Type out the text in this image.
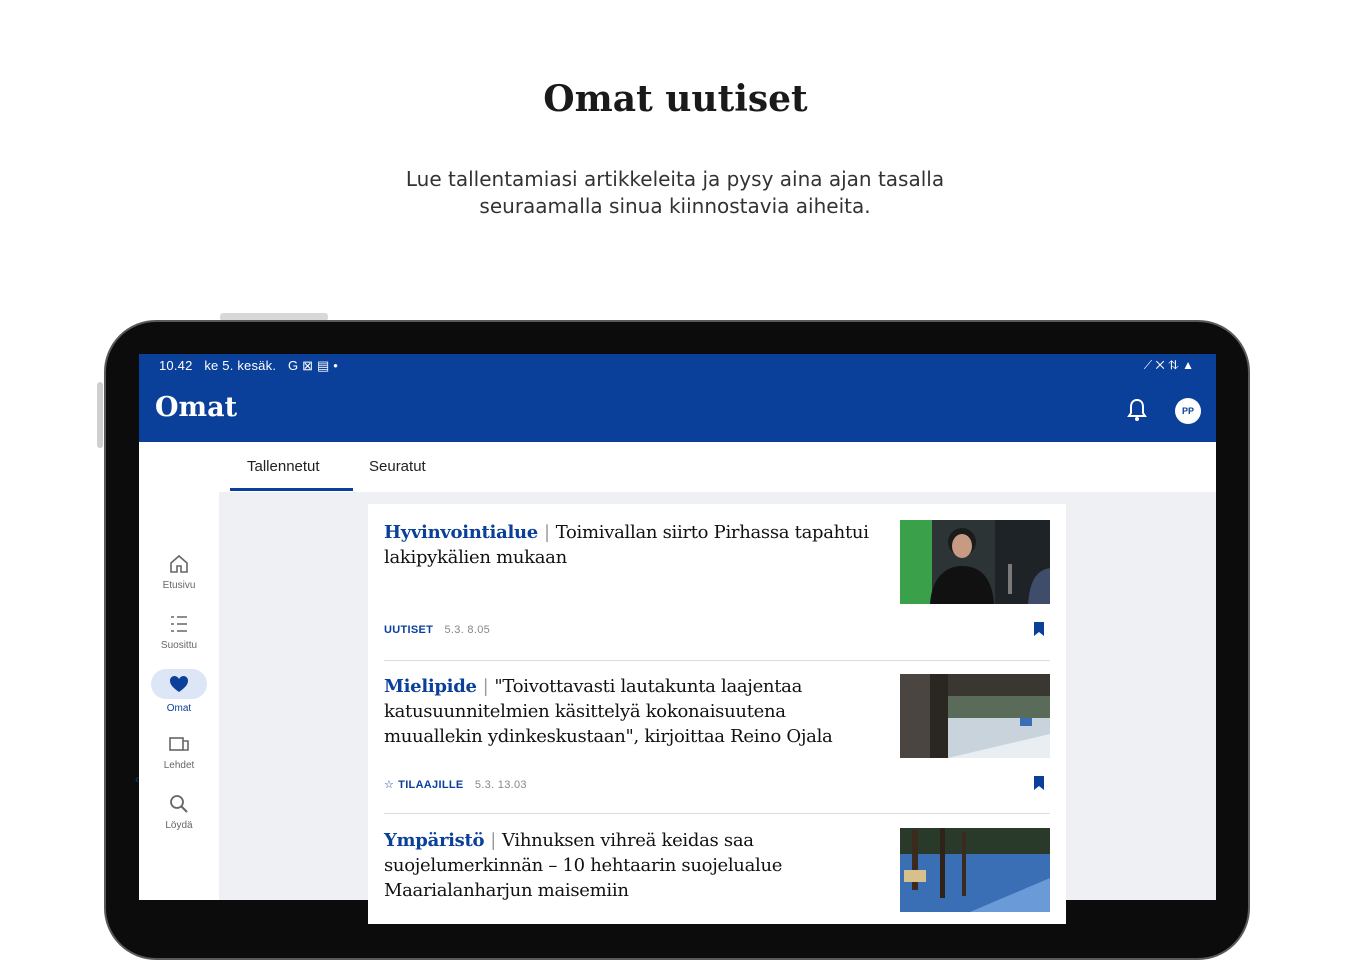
Omat uutiset
Lue tallentamiasi artikkeleita ja pysy aina ajan tasalla
seuraamalla sinua kiinnostavia aiheita.
10.42 ke 5. kesäk. G ⊠ ▤ •	⟋ ✕ ⇅ ▲
Omat	PP
Etusivu
Suosittu
Omat
Lehdet
Löydä
‹
Tallennetut	Seuratut
Hyvinvointialue | Toimivallan siirto Pirhassa tapahtui lakipykälien mukaan
UUTISET 5.3. 8.05
Mielipide | "Toivottavasti lautakunta laajentaa katusuunnitelmien käsittelyä kokonaisuutena muuallekin ydinkeskustaan", kirjoittaa Reino Ojala
☆ TILAAJILLE 5.3. 13.03
Ympäristö | Vihnuksen vihreä keidas saa suojelumerkinnän – 10 hehtaarin suojelualue Maarialanharjun maisemiin
